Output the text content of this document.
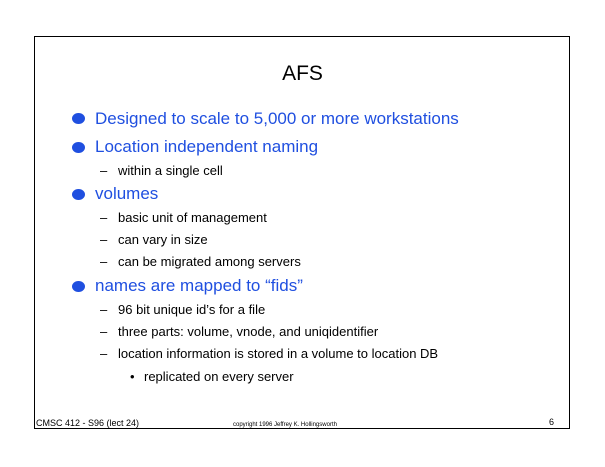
AFS
Designed to scale to 5,000 or more workstations
Location independent naming
– within a single cell
volumes
– basic unit of management
– can vary in size
– can be migrated among servers
names are mapped to “fids”
– 96 bit unique id’s for a file
– three parts: volume, vnode, and uniqidentifier
– location information is stored in a volume to location DB
• replicated on every server
CMSC 412 - S96 (lect 24)	copyright 1996 Jeffrey K. Hollingsworth	6
